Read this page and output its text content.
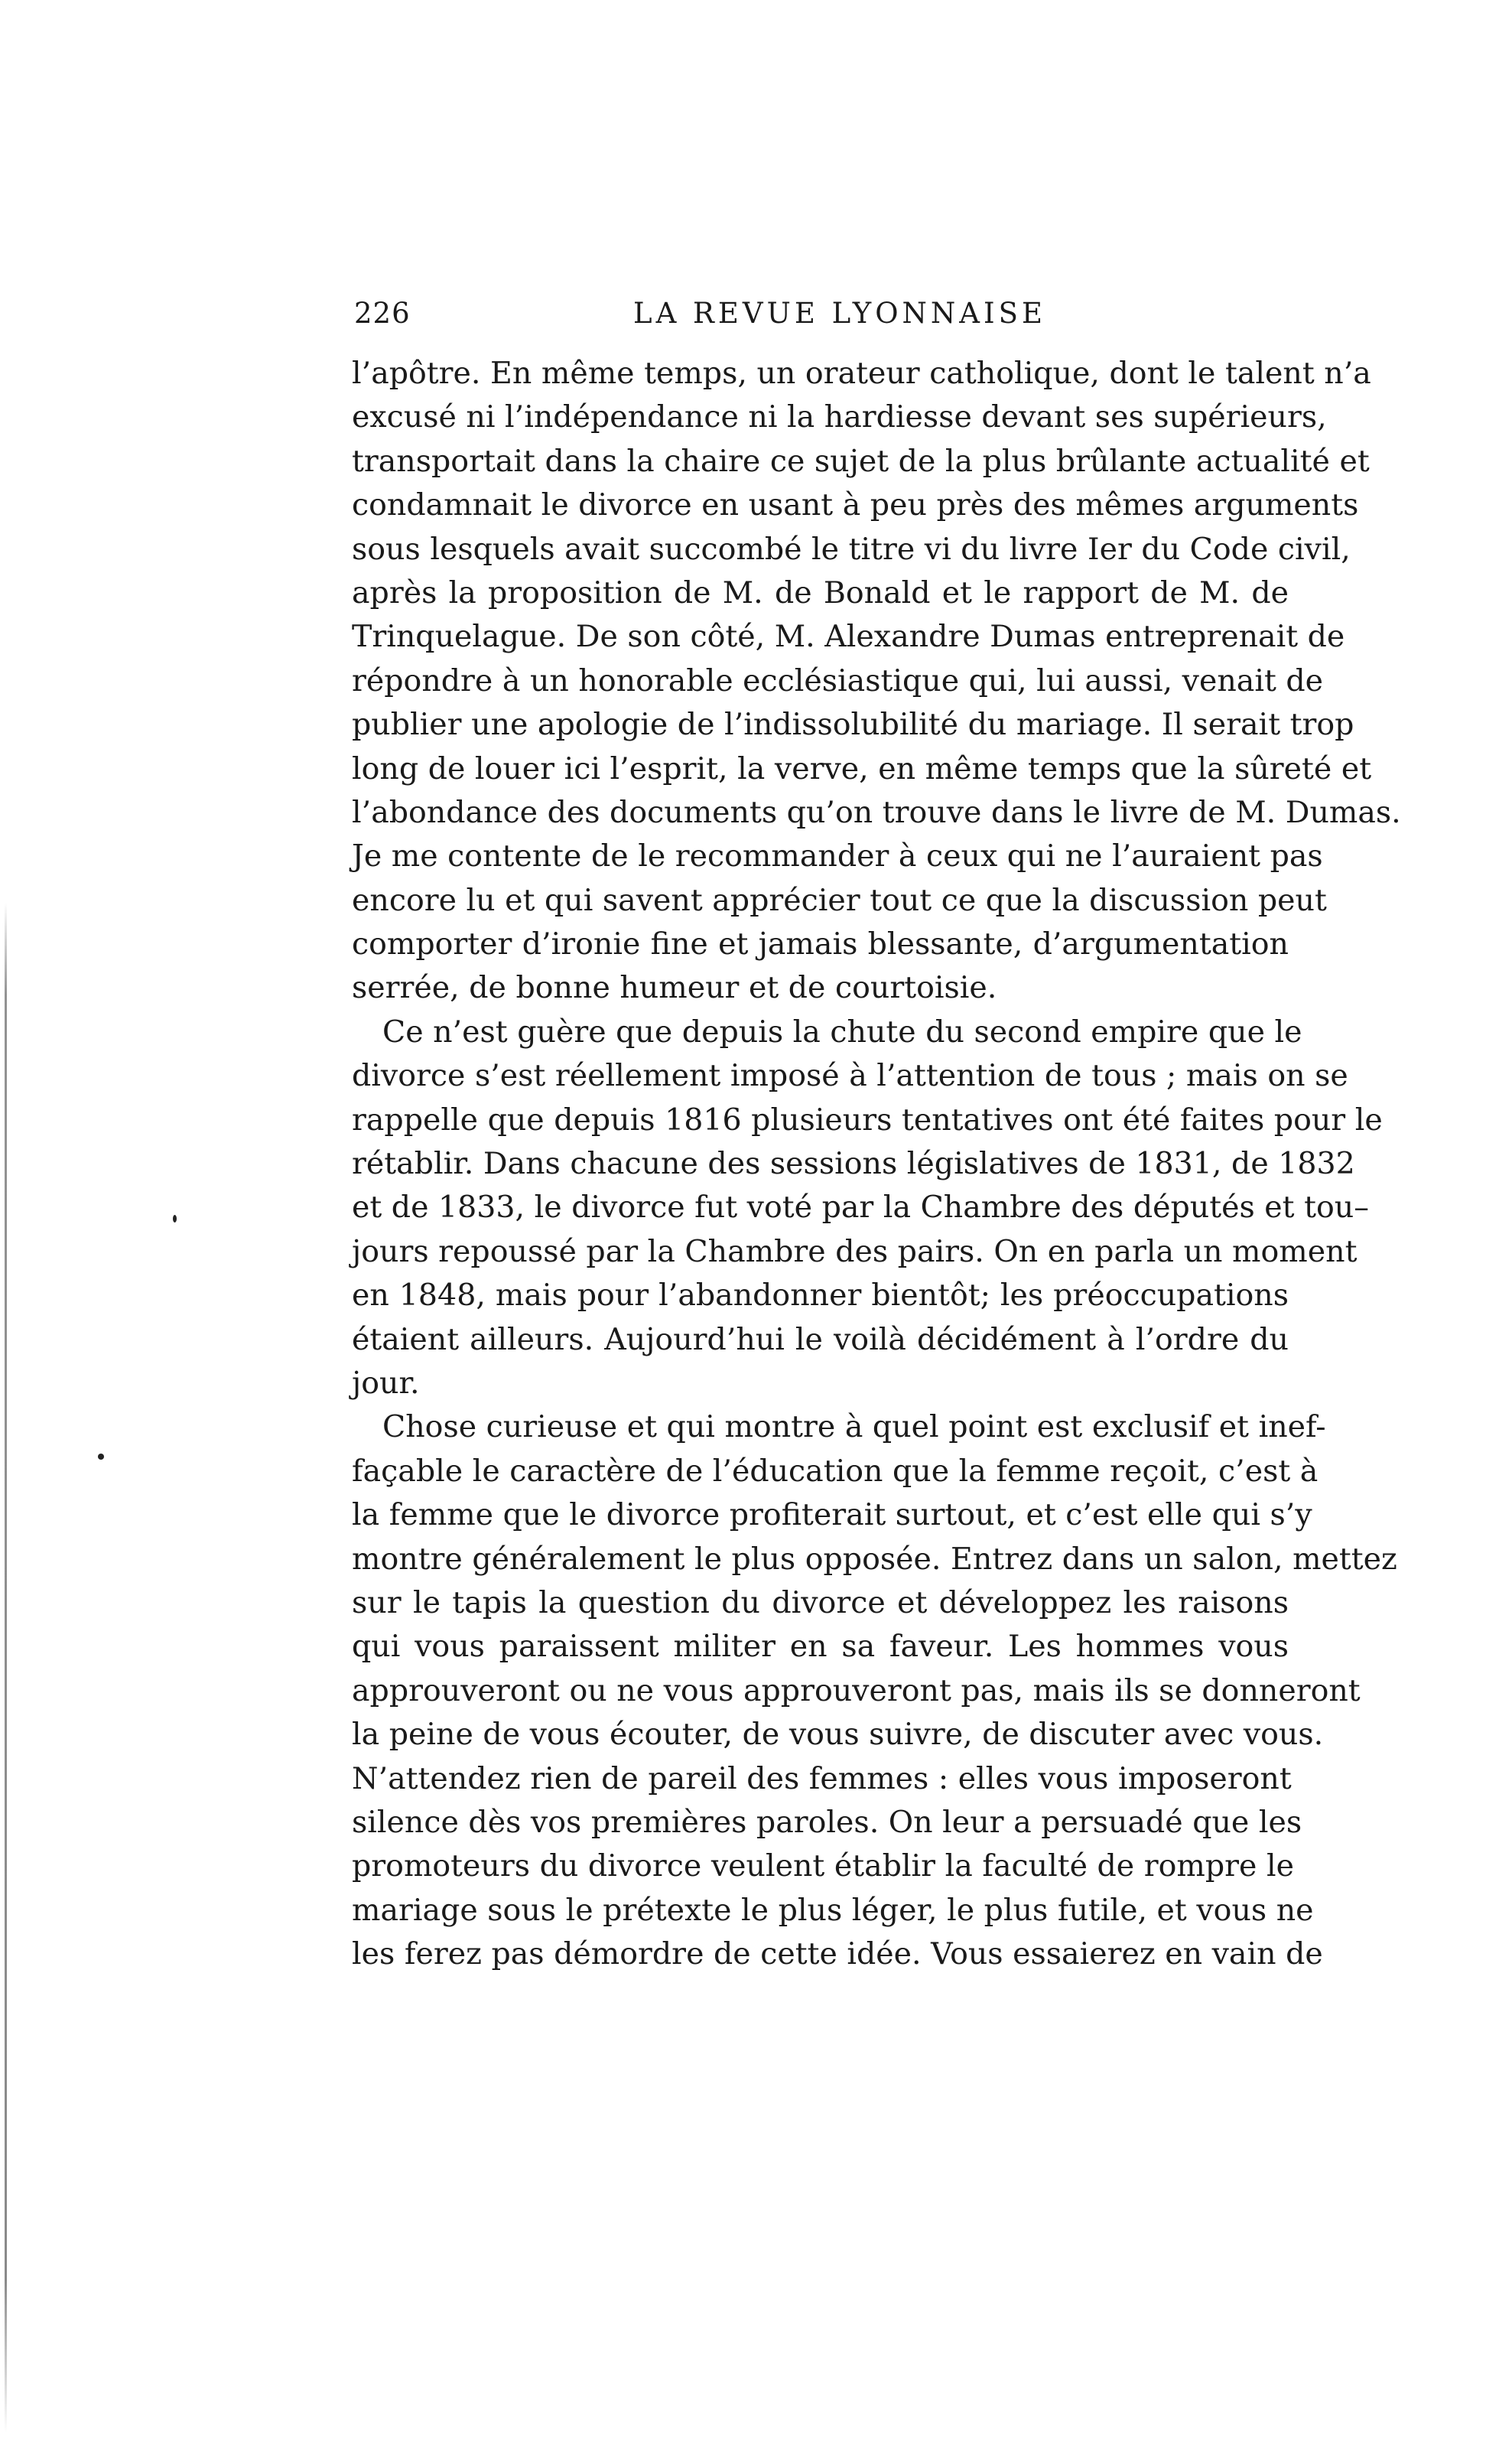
226	LA REVUE LYONNAISE
l’apôtre. En même temps, un orateur catholique, dont le talent n’a
excusé ni l’indépendance ni la hardiesse devant ses supérieurs,
transportait dans la chaire ce sujet de la plus brûlante actualité et
condamnait le divorce en usant à peu près des mêmes arguments
sous lesquels avait succombé le titre vi du livre Ier du Code civil,
après la proposition de M. de Bonald et le rapport de M. de
Trinquelague. De son côté, M. Alexandre Dumas entreprenait de
répondre à un honorable ecclésiastique qui, lui aussi, venait de
publier une apologie de l’indissolubilité du mariage. Il serait trop
long de louer ici l’esprit, la verve, en même temps que la sûreté et
l’abondance des documents qu’on trouve dans le livre de M. Dumas.
Je me contente de le recommander à ceux qui ne l’auraient pas
encore lu et qui savent apprécier tout ce que la discussion peut
comporter d’ironie fine et jamais blessante, d’argumentation
serrée, de bonne humeur et de courtoisie.
Ce n’est guère que depuis la chute du second empire que le
divorce s’est réellement imposé à l’attention de tous ; mais on se
rappelle que depuis 1816 plusieurs tentatives ont été faites pour le
rétablir. Dans chacune des sessions législatives de 1831, de 1832
et de 1833, le divorce fut voté par la Chambre des députés et tou–
jours repoussé par la Chambre des pairs. On en parla un moment
en 1848, mais pour l’abandonner bientôt; les préoccupations
étaient ailleurs. Aujourd’hui le voilà décidément à l’ordre du
jour.
Chose curieuse et qui montre à quel point est exclusif et inef-
façable le caractère de l’éducation que la femme reçoit, c’est à
la femme que le divorce profiterait surtout, et c’est elle qui s’y
montre généralement le plus opposée. Entrez dans un salon, mettez
sur le tapis la question du divorce et développez les raisons
qui vous paraissent militer en sa faveur. Les hommes vous
approuveront ou ne vous approuveront pas, mais ils se donneront
la peine de vous écouter, de vous suivre, de discuter avec vous.
N’attendez rien de pareil des femmes : elles vous imposeront
silence dès vos premières paroles. On leur a persuadé que les
promoteurs du divorce veulent établir la faculté de rompre le
mariage sous le prétexte le plus léger, le plus futile, et vous ne
les ferez pas démordre de cette idée. Vous essaierez en vain de
